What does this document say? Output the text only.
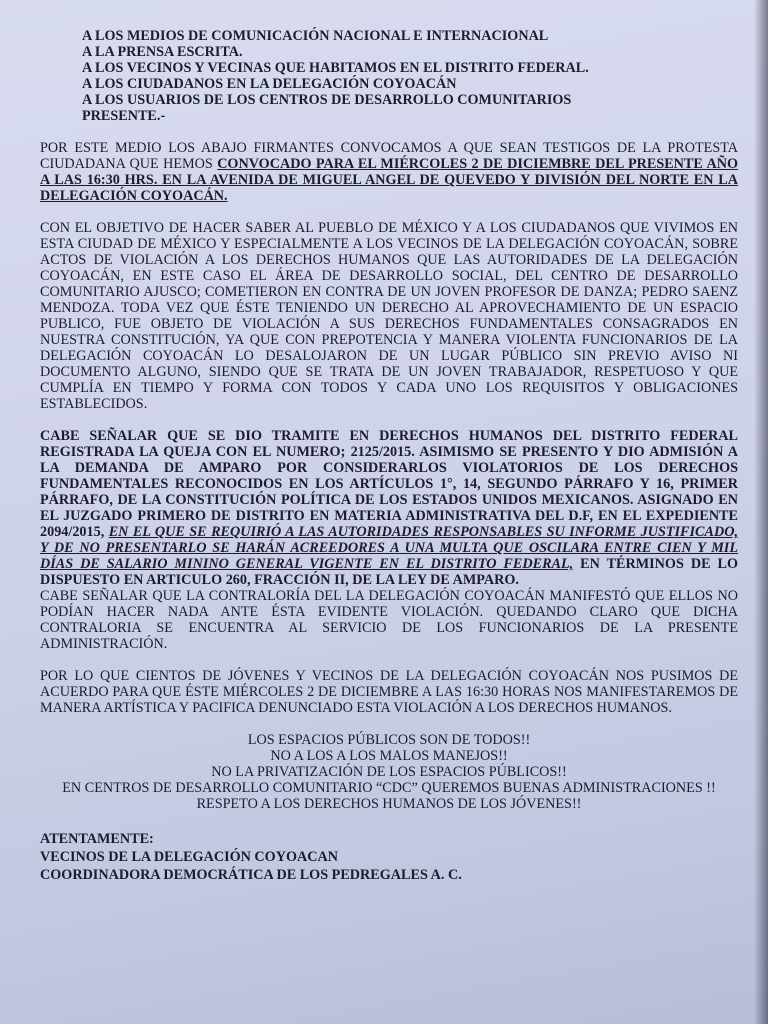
A LOS MEDIOS DE COMUNICACIÓN NACIONAL E INTERNACIONAL
A LA PRENSA ESCRITA.
A LOS VECINOS Y VECINAS QUE HABITAMOS EN EL DISTRITO FEDERAL.
A LOS CIUDADANOS EN LA DELEGACIÓN COYOACÁN
A LOS USUARIOS DE LOS CENTROS DE DESARROLLO COMUNITARIOS
PRESENTE.-

POR ESTE MEDIO LOS ABAJO FIRMANTES CONVOCAMOS A QUE SEAN TESTIGOS DE LA PROTESTA CIUDADANA QUE HEMOS CONVOCADO PARA EL MIÉRCOLES 2 DE DICIEMBRE DEL PRESENTE AÑO A LAS 16:30 HRS. EN LA AVENIDA DE MIGUEL ANGEL DE QUEVEDO Y DIVISIÓN DEL NORTE EN LA DELEGACIÓN COYOACÁN.

CON EL OBJETIVO DE HACER SABER AL PUEBLO DE MÉXICO Y A LOS CIUDADANOS QUE VIVIMOS EN ESTA CIUDAD DE MÉXICO Y ESPECIALMENTE A LOS VECINOS DE LA DELEGACIÓN COYOACÁN, SOBRE ACTOS DE VIOLACIÓN A LOS DERECHOS HUMANOS QUE LAS AUTORIDADES DE LA DELEGACIÓN COYOACÁN, EN ESTE CASO EL ÁREA DE DESARROLLO SOCIAL, DEL CENTRO DE DESARROLLO COMUNITARIO AJUSCO; COMETIERON EN CONTRA DE UN JOVEN PROFESOR DE DANZA; PEDRO SAENZ MENDOZA. TODA VEZ QUE ÉSTE TENIENDO UN DERECHO AL APROVECHAMIENTO DE UN ESPACIO PUBLICO, FUE OBJETO DE VIOLACIÓN A SUS DERECHOS FUNDAMENTALES CONSAGRADOS EN NUESTRA CONSTITUCIÓN, YA QUE CON PREPOTENCIA Y MANERA VIOLENTA FUNCIONARIOS DE LA DELEGACIÓN COYOACÁN LO DESALOJARON DE UN LUGAR PÚBLICO SIN PREVIO AVISO NI DOCUMENTO ALGUNO, SIENDO QUE SE TRATA DE UN JOVEN TRABAJADOR, RESPETUOSO Y QUE CUMPLÍA EN TIEMPO Y FORMA CON TODOS Y CADA UNO LOS REQUISITOS Y OBLIGACIONES ESTABLECIDOS.

CABE SEÑALAR QUE SE DIO TRAMITE EN DERECHOS HUMANOS DEL DISTRITO FEDERAL REGISTRADA LA QUEJA CON EL NUMERO; 2125/2015. ASIMISMO SE PRESENTO Y DIO ADMISIÓN A LA DEMANDA DE AMPARO POR CONSIDERARLOS VIOLATORIOS DE LOS DERECHOS FUNDAMENTALES RECONOCIDOS EN LOS ARTÍCULOS 1°, 14, SEGUNDO PÁRRAFO Y 16, PRIMER PÁRRAFO, DE LA CONSTITUCIÓN POLÍTICA DE LOS ESTADOS UNIDOS MEXICANOS. ASIGNADO EN EL JUZGADO PRIMERO DE DISTRITO EN MATERIA ADMINISTRATIVA DEL D.F, EN EL EXPEDIENTE 2094/2015, EN EL QUE SE REQUIRIÓ A LAS AUTORIDADES RESPONSABLES SU INFORME JUSTIFICADO, Y DE NO PRESENTARLO SE HARÁN ACREEDORES A UNA MULTA QUE OSCILARA ENTRE CIEN Y MIL DÍAS DE SALARIO MININO GENERAL VIGENTE EN EL DISTRITO FEDERAL, EN TÉRMINOS DE LO DISPUESTO EN ARTICULO 260, FRACCIÓN II, DE LA LEY DE AMPARO.

CABE SEÑALAR QUE LA CONTRALORÍA DEL LA DELEGACIÓN COYOACÁN MANIFESTÓ QUE ELLOS NO PODÍAN HACER NADA ANTE ÉSTA EVIDENTE VIOLACIÓN. QUEDANDO CLARO QUE DICHA CONTRALORIA SE ENCUENTRA AL SERVICIO DE LOS FUNCIONARIOS DE LA PRESENTE ADMINISTRACIÓN.

POR LO QUE CIENTOS DE JÓVENES Y VECINOS DE LA DELEGACIÓN COYOACÁN NOS PUSIMOS DE ACUERDO PARA QUE ÉSTE MIÉRCOLES 2 DE DICIEMBRE A LAS 16:30 HORAS NOS MANIFESTAREMOS DE MANERA ARTÍSTICA Y PACIFICA DENUNCIADO ESTA VIOLACIÓN A LOS DERECHOS HUMANOS.

LOS ESPACIOS PÚBLICOS SON DE TODOS!!
NO A LOS A LOS MALOS MANEJOS!!
NO LA PRIVATIZACIÓN DE LOS ESPACIOS PÚBLICOS!!
EN CENTROS DE DESARROLLO COMUNITARIO “CDC” QUEREMOS BUENAS ADMINISTRACIONES !!
RESPETO A LOS DERECHOS HUMANOS DE LOS JÓVENES!!
ATENTAMENTE:
VECINOS DE LA DELEGACIÓN COYOACAN
COORDINADORA DEMOCRÁTICA DE LOS PEDREGALES A. C.
